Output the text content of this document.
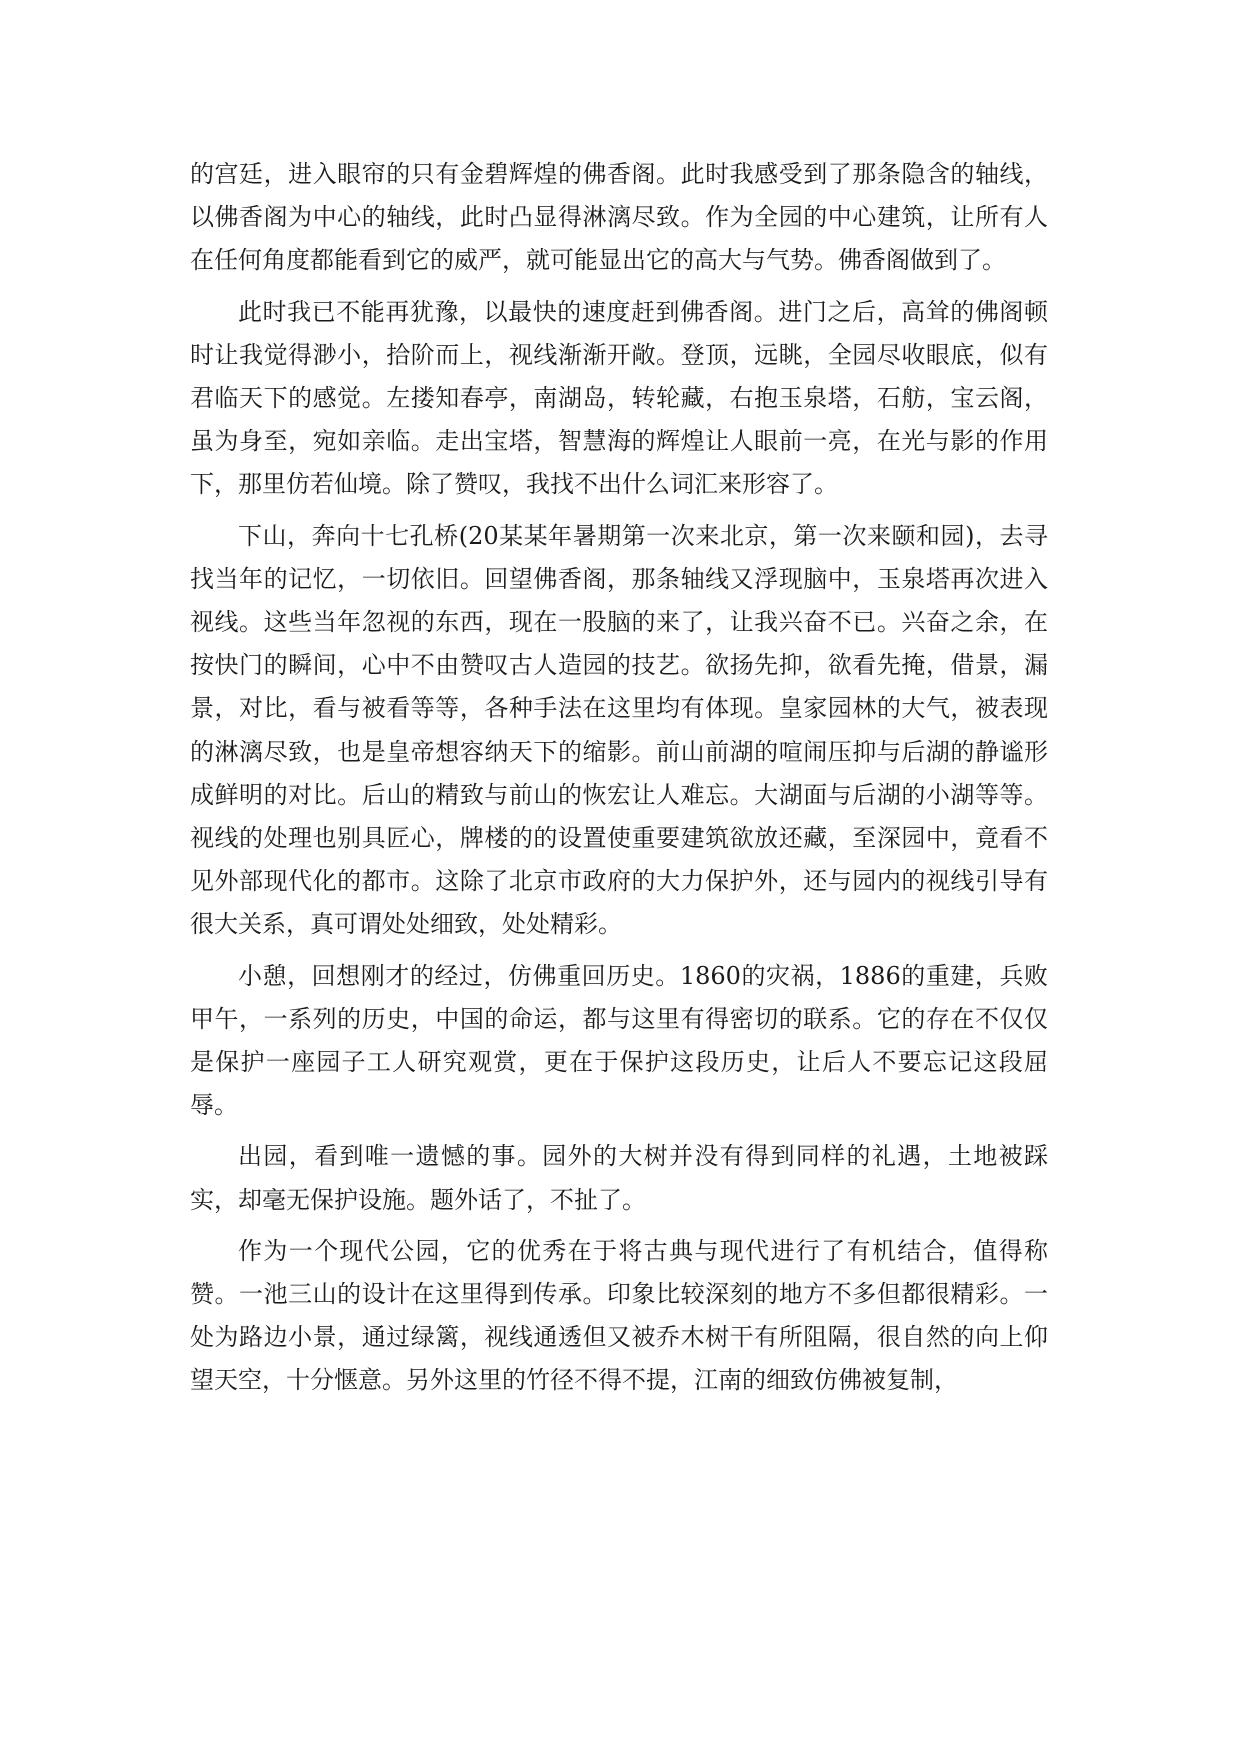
的宫廷，进入眼帘的只有金碧辉煌的佛香阁。此时我感受到了那条隐含的轴线，以佛香阁为中心的轴线，此时凸显得淋漓尽致。作为全园的中心建筑，让所有人在任何角度都能看到它的威严，就可能显出它的高大与气势。佛香阁做到了。

此时我已不能再犹豫，以最快的速度赶到佛香阁。进门之后，高耸的佛阁顿时让我觉得渺小，拾阶而上，视线渐渐开敞。登顶，远眺，全园尽收眼底，似有君临天下的感觉。左搂知春亭，南湖岛，转轮藏，右抱玉泉塔，石舫，宝云阁，虽为身至，宛如亲临。走出宝塔，智慧海的辉煌让人眼前一亮，在光与影的作用下，那里仿若仙境。除了赞叹，我找不出什么词汇来形容了。

下山，奔向十七孔桥(20某某年暑期第一次来北京，第一次来颐和园)，去寻找当年的记忆，一切依旧。回望佛香阁，那条轴线又浮现脑中，玉泉塔再次进入视线。这些当年忽视的东西，现在一股脑的来了，让我兴奋不已。兴奋之余，在按快门的瞬间，心中不由赞叹古人造园的技艺。欲扬先抑，欲看先掩，借景，漏景，对比，看与被看等等，各种手法在这里均有体现。皇家园林的大气，被表现的淋漓尽致，也是皇帝想容纳天下的缩影。前山前湖的喧闹压抑与后湖的静谧形成鲜明的对比。后山的精致与前山的恢宏让人难忘。大湖面与后湖的小湖等等。视线的处理也别具匠心，牌楼的的设置使重要建筑欲放还藏，至深园中，竟看不见外部现代化的都市。这除了北京市政府的大力保护外，还与园内的视线引导有很大关系，真可谓处处细致，处处精彩。

小憩，回想刚才的经过，仿佛重回历史。1860的灾祸，1886的重建，兵败甲午，一系列的历史，中国的命运，都与这里有得密切的联系。它的存在不仅仅是保护一座园子工人研究观赏，更在于保护这段历史，让后人不要忘记这段屈辱。

出园，看到唯一遗憾的事。园外的大树并没有得到同样的礼遇，土地被踩实，却毫无保护设施。题外话了，不扯了。

作为一个现代公园，它的优秀在于将古典与现代进行了有机结合，值得称赞。一池三山的设计在这里得到传承。印象比较深刻的地方不多但都很精彩。一处为路边小景，通过绿篱，视线通透但又被乔木树干有所阻隔，很自然的向上仰望天空，十分惬意。另外这里的竹径不得不提，江南的细致仿佛被复制，
